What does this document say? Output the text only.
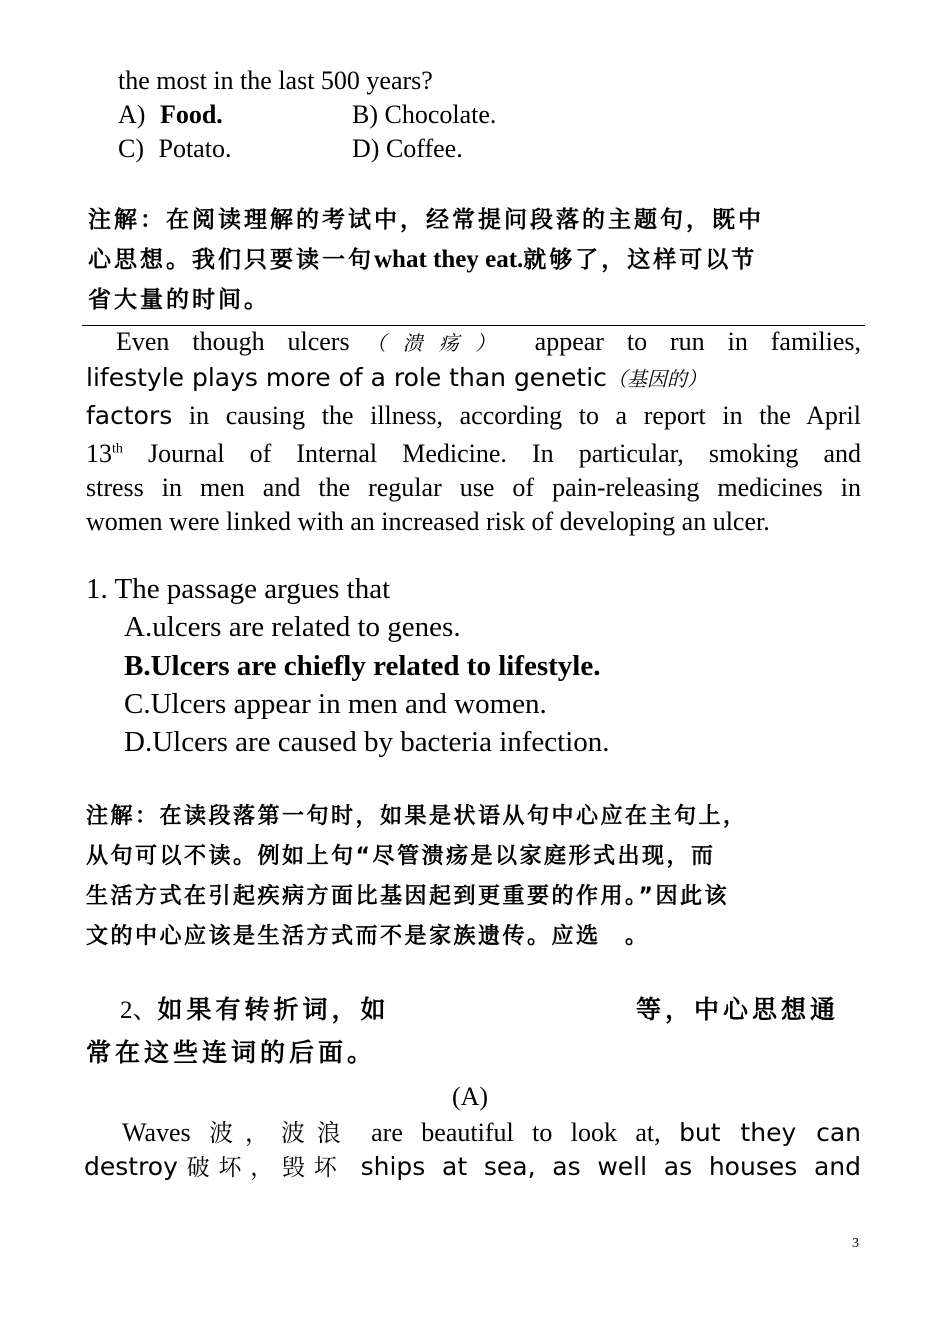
the most in the last 500 years?
A) Food.	B) Chocolate.
C) Potato.	D) Coffee.
注解：在阅读理解的考试中，经常提问段落的主题句，既中
心思想。我们只要读一句what they eat.就够了，这样可以节
省大量的时间。
Even though ulcers（溃疡） appear to run in families,
lifestyle plays more of a role than genetic（基因的）
factors in causing the illness, according to a report in the April
13th Journal of Internal Medicine. In particular, smoking and
stress in men and the regular use of pain-releasing medicines in
women were linked with an increased risk of developing an ulcer.
1. The passage argues that
A.ulcers are related to genes.
B.Ulcers are chiefly related to lifestyle.
C.Ulcers appear in men and women.
D.Ulcers are caused by bacteria infection.
注解：在读段落第一句时，如果是状语从句中心应在主句上，
从句可以不读。例如上句“尽管溃疡是以家庭形式出现，而
生活方式在引起疾病方面比基因起到更重要的作用。”因此该
文的中心应该是生活方式而不是家族遗传。应选　。
2、如果有转折词，如	等，中心思想通
常在这些连词的后面。
(A)
Waves 波，波浪 are beautiful to look at, but they can
destroy破坏，毁坏 ships at sea, as well as houses and
3
